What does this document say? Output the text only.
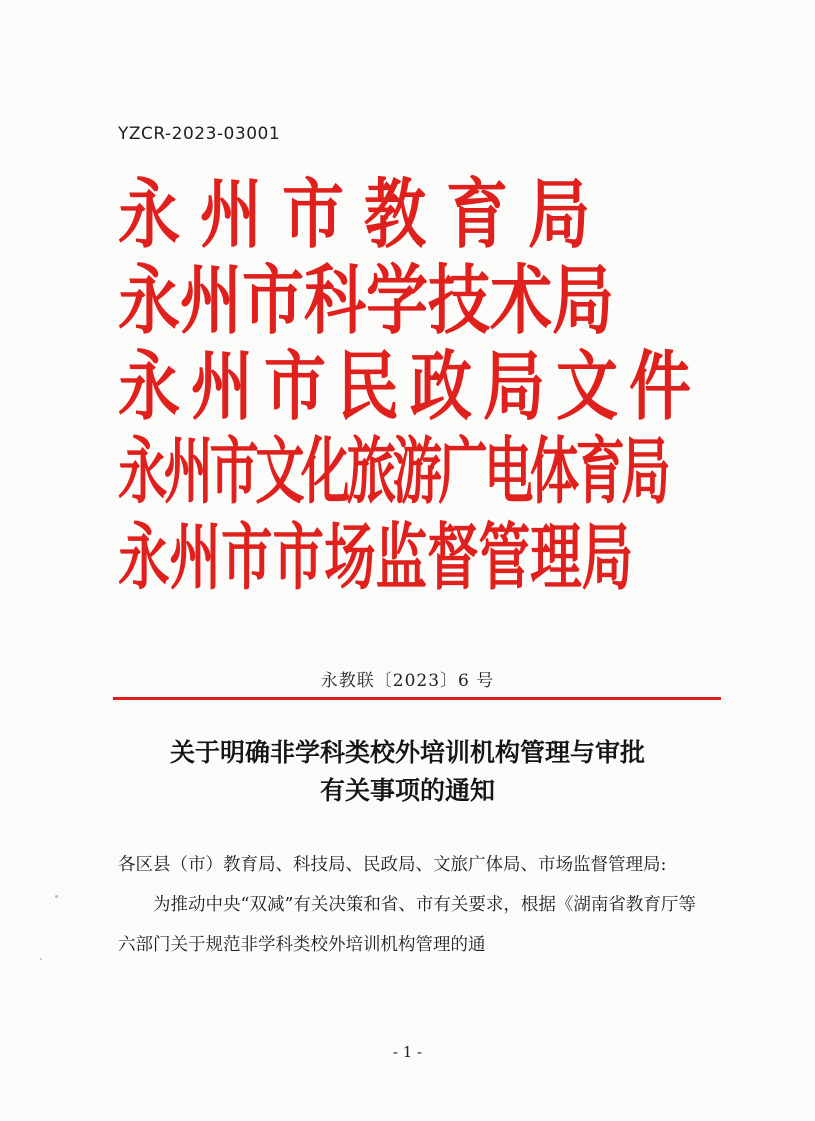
YZCR-2023-03001
永州市教育局
永州市科学技术局
永州市民政局文件
永州市文化旅游广电体育局
永州市市场监督管理局
永教联〔2023〕6 号
关于明确非学科类校外培训机构管理与审批
有关事项的通知

各区县（市）教育局、科技局、民政局、文旅广体局、市场监督管理局:

为推动中央“双减”有关决策和省、市有关要求，根据《湖南省教育厅等六部门关于规范非学科类校外培训机构管理的通

- 1 -
